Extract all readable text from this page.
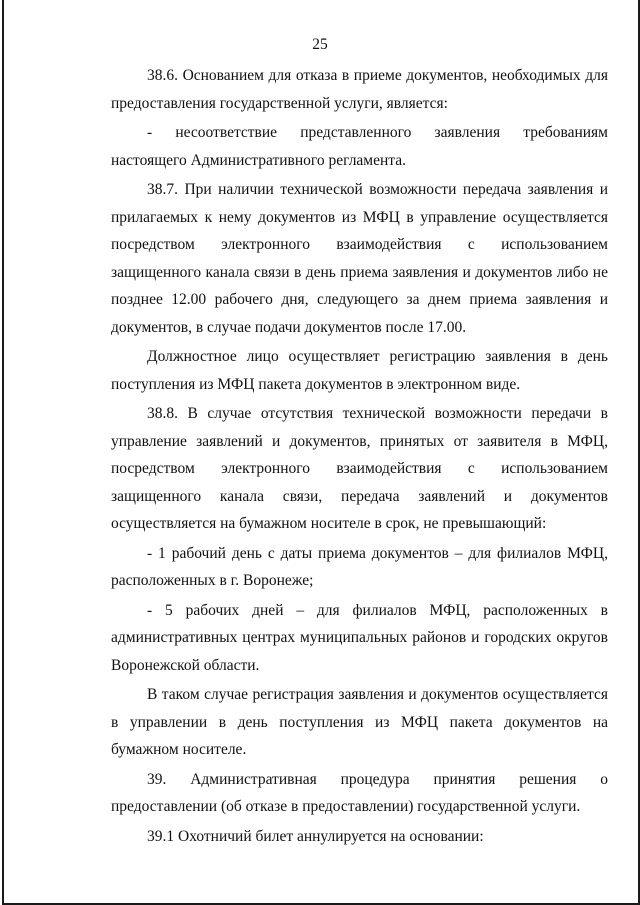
25

38.6. Основанием для отказа в приеме документов, необходимых для предоставления государственной услуги, является:

- несоответствие представленного заявления требованиям настоящего Административного регламента.

38.7. При наличии технической возможности передача заявления и прилагаемых к нему документов из МФЦ в управление осуществляется посредством электронного взаимодействия с использованием защищенного канала связи в день приема заявления и документов либо не позднее 12.00 рабочего дня, следующего за днем приема заявления и документов, в случае подачи документов после 17.00.

Должностное лицо осуществляет регистрацию заявления в день поступления из МФЦ пакета документов в электронном виде.

38.8. В случае отсутствия технической возможности передачи в управление заявлений и документов, принятых от заявителя в МФЦ, посредством электронного взаимодействия с использованием защищенного канала связи, передача заявлений и документов осуществляется на бумажном носителе в срок, не превышающий:

- 1 рабочий день с даты приема документов – для филиалов МФЦ, расположенных в г. Воронеже;

- 5 рабочих дней – для филиалов МФЦ, расположенных в административных центрах муниципальных районов и городских округов Воронежской области.

В таком случае регистрация заявления и документов осуществляется в управлении в день поступления из МФЦ пакета документов на бумажном носителе.

39. Административная процедура принятия решения о предоставлении (об отказе в предоставлении) государственной услуги.

39.1 Охотничий билет аннулируется на основании:
